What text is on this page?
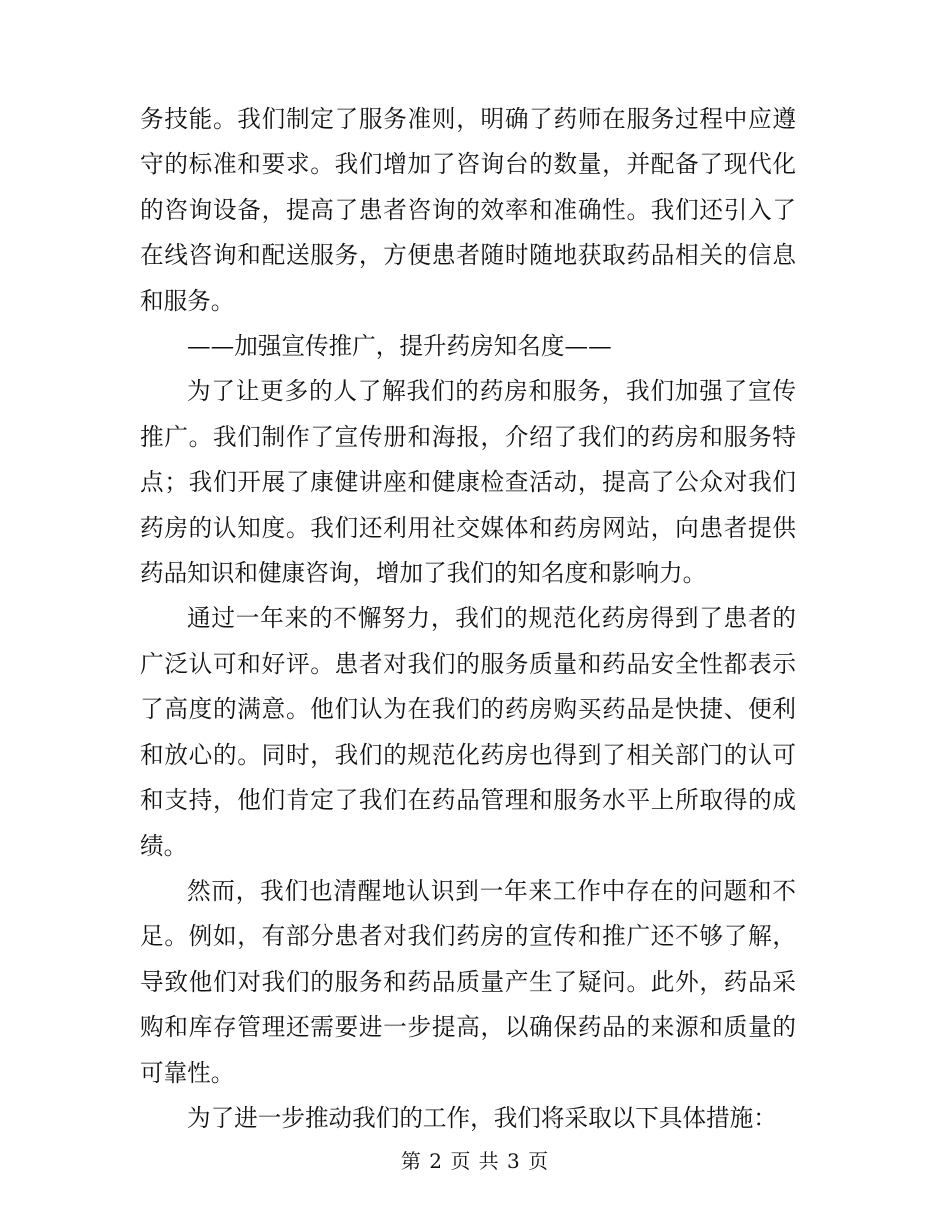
务技能。我们制定了服务准则，明确了药师在服务过程中应遵守的标准和要求。我们增加了咨询台的数量，并配备了现代化的咨询设备，提高了患者咨询的效率和准确性。我们还引入了在线咨询和配送服务，方便患者随时随地获取药品相关的信息和服务。

——加强宣传推广，提升药房知名度——

为了让更多的人了解我们的药房和服务，我们加强了宣传推广。我们制作了宣传册和海报，介绍了我们的药房和服务特点；我们开展了康健讲座和健康检查活动，提高了公众对我们药房的认知度。我们还利用社交媒体和药房网站，向患者提供药品知识和健康咨询，增加了我们的知名度和影响力。

通过一年来的不懈努力，我们的规范化药房得到了患者的广泛认可和好评。患者对我们的服务质量和药品安全性都表示了高度的满意。他们认为在我们的药房购买药品是快捷、便利和放心的。同时，我们的规范化药房也得到了相关部门的认可和支持，他们肯定了我们在药品管理和服务水平上所取得的成绩。

然而，我们也清醒地认识到一年来工作中存在的问题和不足。例如，有部分患者对我们药房的宣传和推广还不够了解，导致他们对我们的服务和药品质量产生了疑问。此外，药品采购和库存管理还需要进一步提高，以确保药品的来源和质量的可靠性。

为了进一步推动我们的工作，我们将采取以下具体措施：

第 2 页 共 3 页
